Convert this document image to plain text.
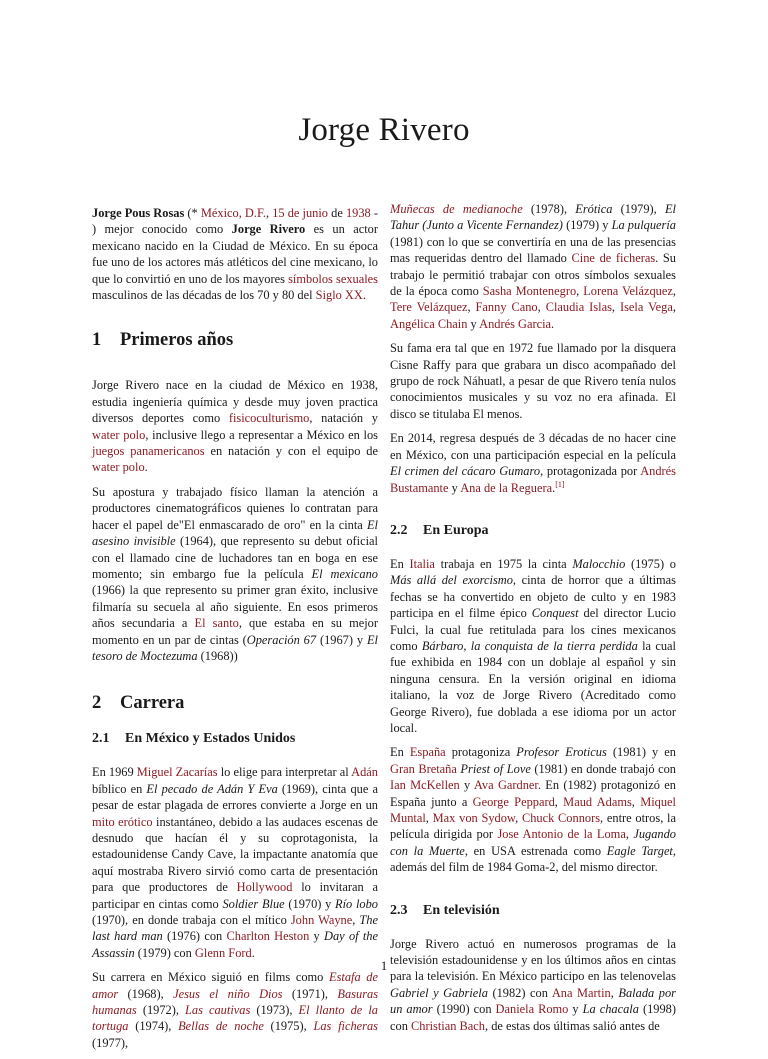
Jorge Rivero

Jorge Pous Rosas (* México, D.F., 15 de junio de 1938 - ) mejor conocido como Jorge Rivero es un actor mexicano nacido en la Ciudad de México. En su época fue uno de los actores más atléticos del cine mexicano, lo que lo convirtió en uno de los mayores símbolos sexuales masculinos de las décadas de los 70 y 80 del Siglo XX.

1	Primeros años

Jorge Rivero nace en la ciudad de México en 1938, estudia ingeniería química y desde muy joven practica diversos deportes como fisicoculturismo, natación y water polo, inclusive llego a representar a México en los juegos panamericanos en natación y con el equipo de water polo.

Su apostura y trabajado físico llaman la atención a productores cinematográficos quienes lo contratan para hacer el papel de"El enmascarado de oro" en la cinta El asesino invisible (1964), que represento su debut oficial con el llamado cine de luchadores tan en boga en ese momento; sin embargo fue la película El mexicano (1966) la que represento su primer gran éxito, inclusive filmaría su secuela al año siguiente. En esos primeros años secundaria a El santo, que estaba en su mejor momento en un par de cintas (Operación 67 (1967) y El tesoro de Moctezuma (1968))

2	Carrera
2.1	En México y Estados Unidos

En 1969 Miguel Zacarías lo elige para interpretar al Adán bíblico en El pecado de Adán Y Eva (1969), cinta que a pesar de estar plagada de errores convierte a Jorge en un mito erótico instantáneo, debido a las audaces escenas de desnudo que hacían él y su coprotagonista, la estadounidense Candy Cave, la impactante anatomía que aquí mostraba Rivero sirvió como carta de presentación para que productores de Hollywood lo invitaran a participar en cintas como Soldier Blue (1970) y Río lobo (1970), en donde trabaja con el mítico John Wayne, The last hard man (1976) con Charlton Heston y Day of the Assassin (1979) con Glenn Ford.

Su carrera en México siguió en films como Estafa de amor (1968), Jesus el niño Dios (1971), Basuras humanas (1972), Las cautivas (1973), El llanto de la tortuga (1974), Bellas de noche (1975), Las ficheras (1977),

Muñecas de medianoche (1978), Erótica (1979), El Tahur (Junto a Vicente Fernandez) (1979) y La pulquería (1981) con lo que se convertiría en una de las presencias mas requeridas dentro del llamado Cine de ficheras. Su trabajo le permitió trabajar con otros símbolos sexuales de la época como Sasha Montenegro, Lorena Velázquez, Tere Velázquez, Fanny Cano, Claudia Islas, Isela Vega, Angélica Chain y Andrés Garcia.

Su fama era tal que en 1972 fue llamado por la disquera Cisne Raffy para que grabara un disco acompañado del grupo de rock Náhuatl, a pesar de que Rivero tenía nulos conocimientos musicales y su voz no era afinada. El disco se titulaba El menos.

En 2014, regresa después de 3 décadas de no hacer cine en México, con una participación especial en la película El crimen del cácaro Gumaro, protagonizada por Andrés Bustamante y Ana de la Reguera.[1]

2.2	En Europa

En Italia trabaja en 1975 la cinta Malocchio (1975) o Más allá del exorcismo, cinta de horror que a últimas fechas se ha convertido en objeto de culto y en 1983 participa en el filme épico Conquest del director Lucio Fulci, la cual fue retitulada para los cines mexicanos como Bárbaro, la conquista de la tierra perdida la cual fue exhibida en 1984 con un doblaje al español y sin ninguna censura. En la versión original en idioma italiano, la voz de Jorge Rivero (Acreditado como George Rivero), fue doblada a ese idioma por un actor local.

En España protagoniza Profesor Eroticus (1981) y en Gran Bretaña Priest of Love (1981) en donde trabajó con Ian McKellen y Ava Gardner. En (1982) protagonizó en España junto a George Peppard, Maud Adams, Miquel Muntal, Max von Sydow, Chuck Connors, entre otros, la película dirigida por Jose Antonio de la Loma, Jugando con la Muerte, en USA estrenada como Eagle Target, además del film de 1984 Goma-2, del mismo director.

2.3	En televisión

Jorge Rivero actuó en numerosos programas de la televisión estadounidense y en los últimos años en cintas para la televisión. En México participo en las telenovelas Gabriel y Gabriela (1982) con Ana Martin, Balada por un amor (1990) con Daniela Romo y La chacala (1998) con Christian Bach, de estas dos últimas salió antes de

1
